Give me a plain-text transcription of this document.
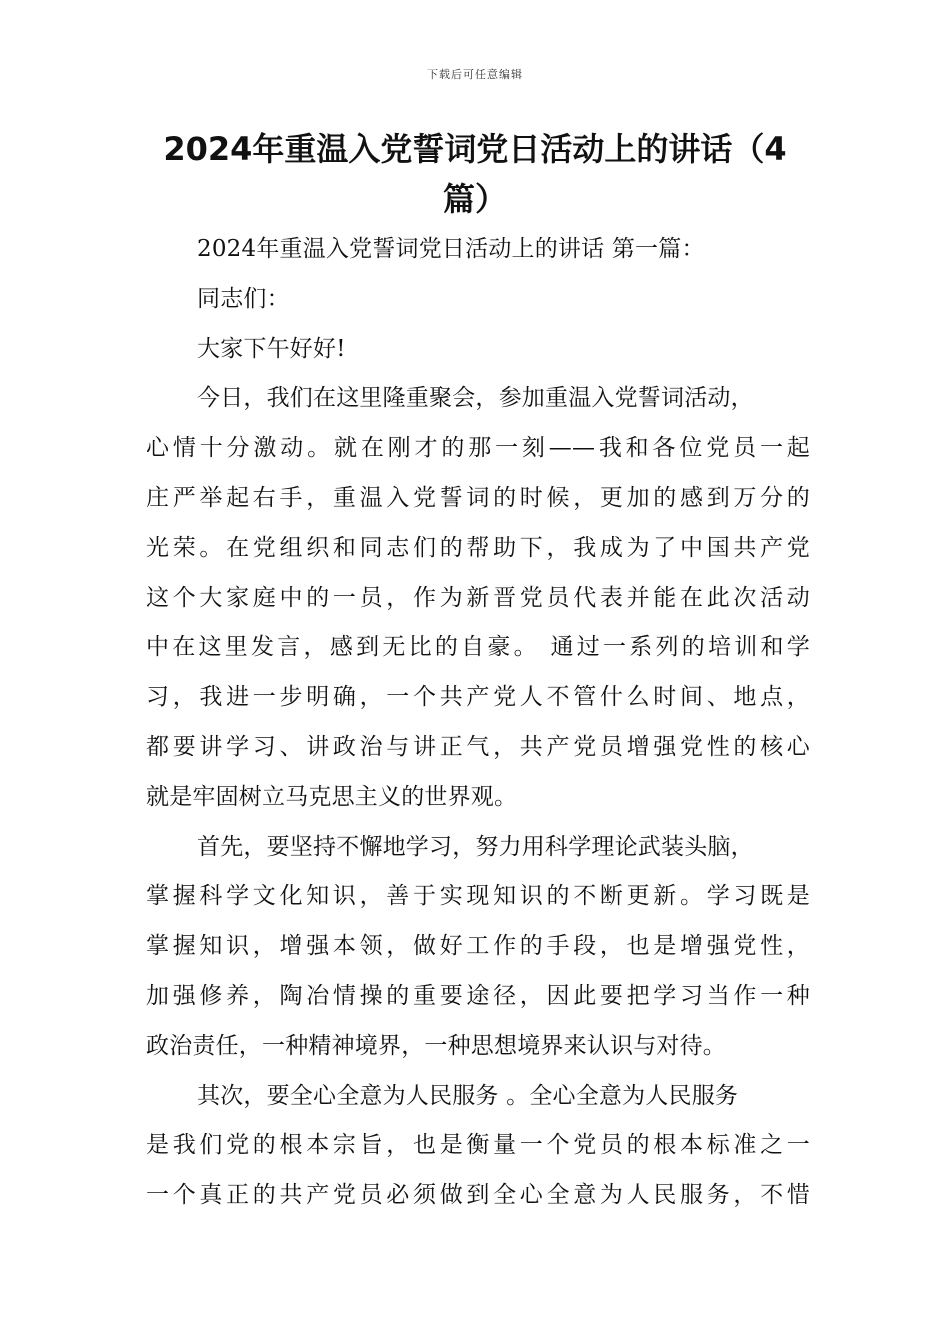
下载后可任意编辑
2024年重温入党誓词党日活动上的讲话（4
篇）
2024年重温入党誓词党日活动上的讲话 第一篇：
同志们：
大家下午好好!
今日，我们在这里隆重聚会，参加重温入党誓词活动，
心情十分激动。就在刚才的那一刻——我和各位党员一起
庄严举起右手，重温入党誓词的时候，更加的感到万分的
光荣。在党组织和同志们的帮助下，我成为了中国共产党
这个大家庭中的一员，作为新晋党员代表并能在此次活动
中在这里发言，感到无比的自豪。 通过一系列的培训和学
习，我进一步明确，一个共产党人不管什么时间、地点，
都要讲学习、讲政治与讲正气，共产党员增强党性的核心
就是牢固树立马克思主义的世界观。
首先，要坚持不懈地学习，努力用科学理论武装头脑，
掌握科学文化知识，善于实现知识的不断更新。学习既是
掌握知识，增强本领，做好工作的手段，也是增强党性，
加强修养，陶冶情操的重要途径，因此要把学习当作一种
政治责任，一种精神境界，一种思想境界来认识与对待。
其次，要全心全意为人民服务 。全心全意为人民服务
是我们党的根本宗旨，也是衡量一个党员的根本标准之一
一个真正的共产党员必须做到全心全意为人民服务，不惜
